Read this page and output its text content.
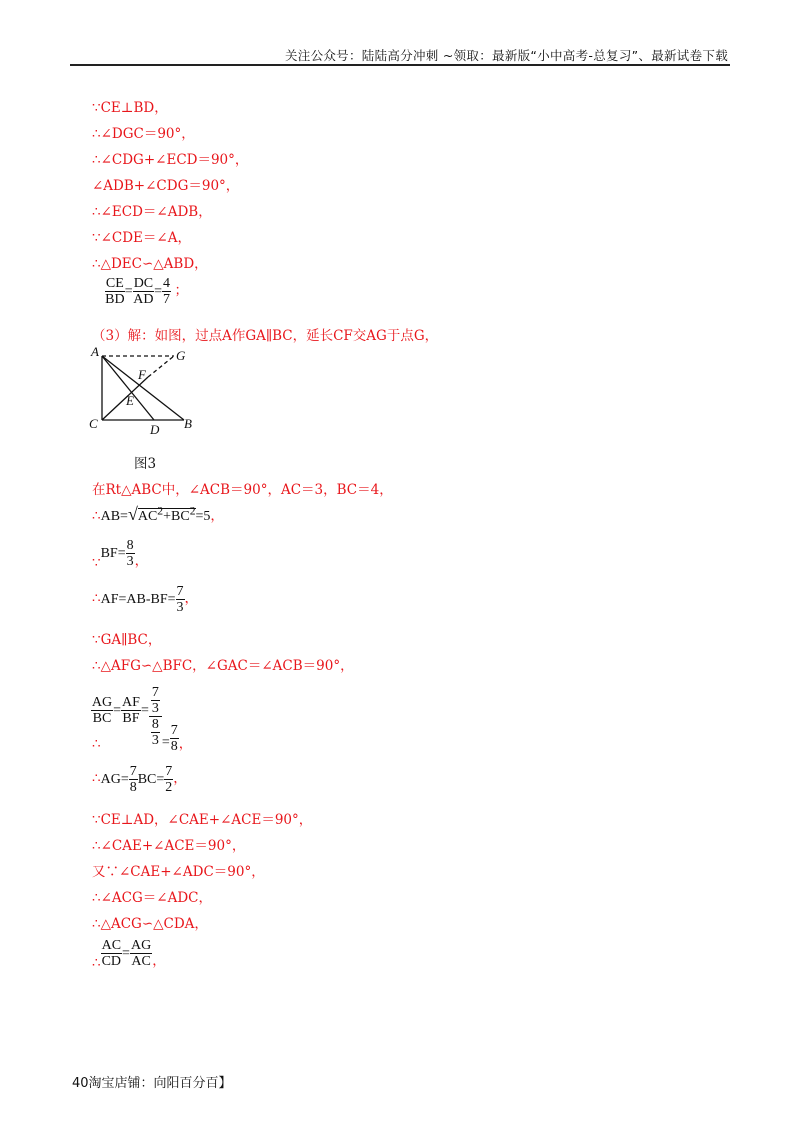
关注公众号：陆陆高分冲刺 ~领取：最新版“小中高考-总复习”、最新试卷下载
∵CE⊥BD，
∴∠DGC＝90°，
∴∠CDG+∠ECD＝90°，
∠ADB+∠CDG＝90°，
∴∠ECD＝∠ADB，
∵∠CDE＝∠A，
∴△DEC∽△ABD，
$\frac{CE}{BD} = \frac{DC}{AD} = \frac{4}{7}$ ；
（3）解：如图，过点A作GA∥BC，延长CF交AG于点G，
A	G
F
E
C	D B
图3
在Rt△ABC中，∠ACB＝90°，AC＝3，BC＝4，
$\therefore AB=√AC^2+BC^2=5$，
∵BF= $\frac{8}{3}$ ，
∴AF=AB-BF= $\frac{7}{3}$ ，
∵GA∥BC，
∴△AFG∽△BFC，∠GAC＝∠ACB＝90°，
∴
$\frac{AG}{BC} = \frac{AF}{BF} = \frac{\frac{7}{3}}{\frac{8}{3}} = \frac{7}{8}$ ，
∴AG= $\frac{7}{8} BC= \frac{7}{2}$ ，
∵CE⊥AD，∠CAE+∠ACE＝90°，
∴∠CAE+∠ACE＝90°，
又∵∠CAE+∠ADC＝90°，
∴∠ACG＝∠ADC，
∴△ACG∽△CDA，
∴ $\frac{AC}{CD} = \frac{AG}{AC}$ ，
40淘宝店铺：向阳百分百】
